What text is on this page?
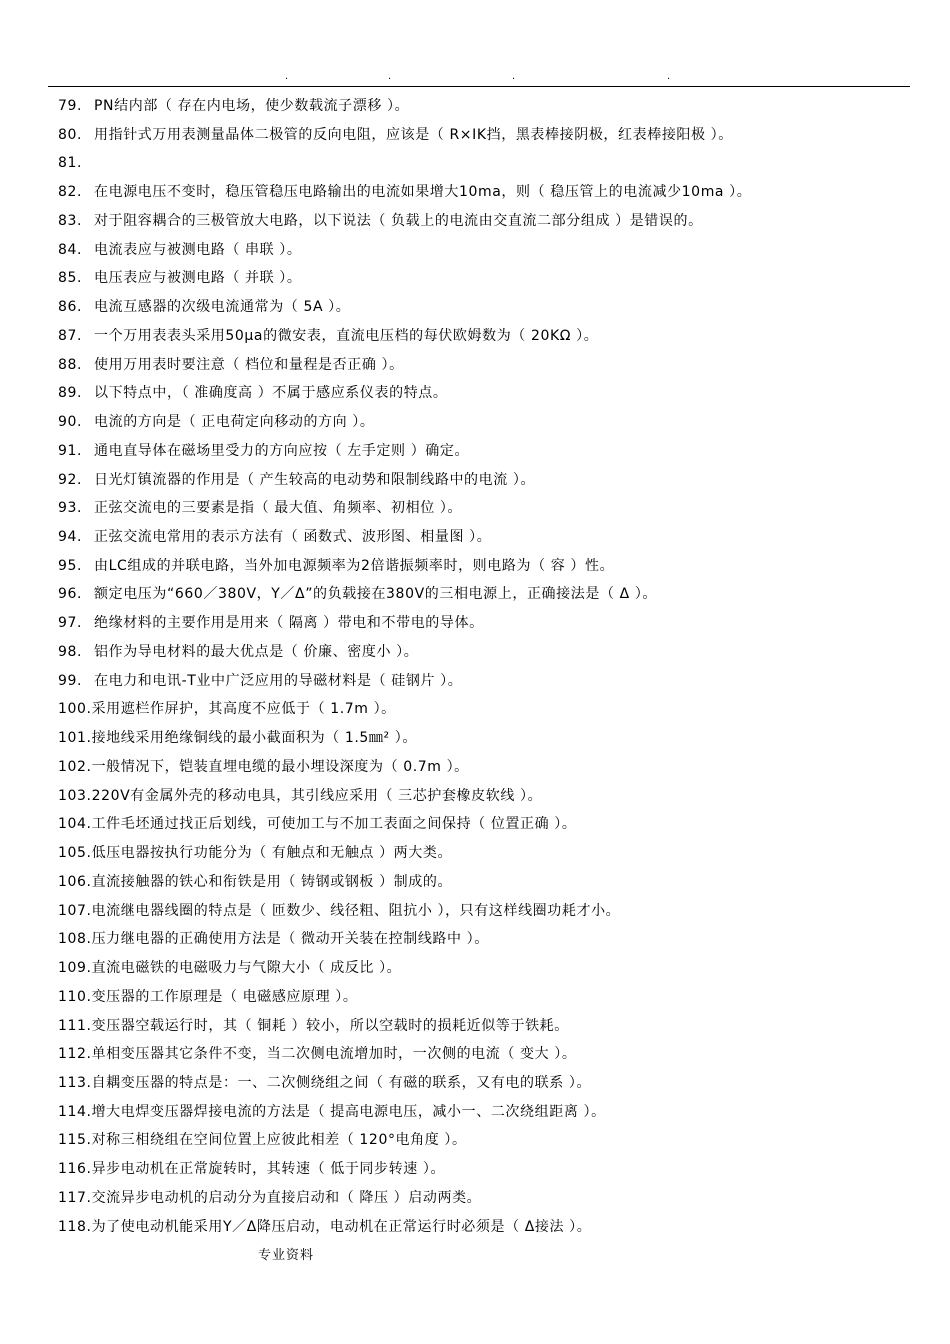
.	.	.	.
79. PN结内部（ 存在内电场，使少数载流子漂移 ）。
80. 用指针式万用表测量晶体二极管的反向电阻，应该是（ R×IK挡，黑表棒接阴极，红表棒接阳极 ）。
81.
82. 在电源电压不变时，稳压管稳压电路输出的电流如果增大10ma，则（ 稳压管上的电流减少10ma ）。
83. 对于阻容耦合的三极管放大电路，以下说法（ 负载上的电流由交直流二部分组成 ）是错误的。
84. 电流表应与被测电路（ 串联 ）。
85. 电压表应与被测电路（ 并联 ）。
86. 电流互感器的次级电流通常为（ 5A ）。
87. 一个万用表表头采用50μa的微安表，直流电压档的每伏欧姆数为（ 20KΩ ）。
88. 使用万用表时要注意（ 档位和量程是否正确 ）。
89. 以下特点中，（ 准确度高 ）不属于感应系仪表的特点。
90. 电流的方向是（ 正电荷定向移动的方向 ）。
91. 通电直导体在磁场里受力的方向应按（ 左手定则 ）确定。
92. 日光灯镇流器的作用是（ 产生较高的电动势和限制线路中的电流 ）。
93. 正弦交流电的三要素是指（ 最大值、角频率、初相位 ）。
94. 正弦交流电常用的表示方法有（ 函数式、波形图、相量图 ）。
95. 由LC组成的并联电路，当外加电源频率为2倍谐振频率时，则电路为（ 容 ）性。
96. 额定电压为“660／380V，Y／Δ”的负载接在380V的三相电源上，正确接法是（ Δ ）。
97. 绝缘材料的主要作用是用来（ 隔离 ）带电和不带电的导体。
98. 铝作为导电材料的最大优点是（ 价廉、密度小 ）。
99. 在电力和电讯-T业中广泛应用的导磁材料是（ 硅钢片 ）。
100.采用遮栏作屏护，其高度不应低于（ 1.7m ）。
101.接地线采用绝缘铜线的最小截面积为（ 1.5㎜² ）。
102.一般情况下，铠装直埋电缆的最小埋设深度为（ 0.7m ）。
103.220V有金属外壳的移动电具，其引线应采用（ 三芯护套橡皮软线 ）。
104.工件毛坯通过找正后划线，可使加工与不加工表面之间保持（ 位置正确 ）。
105.低压电器按执行功能分为（ 有触点和无触点 ）两大类。
106.直流接触器的铁心和衔铁是用（ 铸钢或钢板 ）制成的。
107.电流继电器线圈的特点是（ 匝数少、线径粗、阻抗小 ），只有这样线圈功耗才小。
108.压力继电器的正确使用方法是（ 微动开关装在控制线路中 ）。
109.直流电磁铁的电磁吸力与气隙大小（ 成反比 ）。
110.变压器的工作原理是（ 电磁感应原理 ）。
111.变压器空载运行时，其（ 铜耗 ）较小，所以空载时的损耗近似等于铁耗。
112.单相变压器其它条件不变，当二次侧电流增加时，一次侧的电流（ 变大 ）。
113.自耦变压器的特点是：一、二次侧绕组之间（ 有磁的联系，又有电的联系 ）。
114.增大电焊变压器焊接电流的方法是（ 提高电源电压，减小一、二次绕组距离 ）。
115.对称三相绕组在空间位置上应彼此相差（ 120°电角度 ）。
116.异步电动机在正常旋转时，其转速（ 低于同步转速 ）。
117.交流异步电动机的启动分为直接启动和（ 降压 ）启动两类。
118.为了使电动机能采用Y／Δ降压启动，电动机在正常运行时必须是（ Δ接法 ）。
专业资料
